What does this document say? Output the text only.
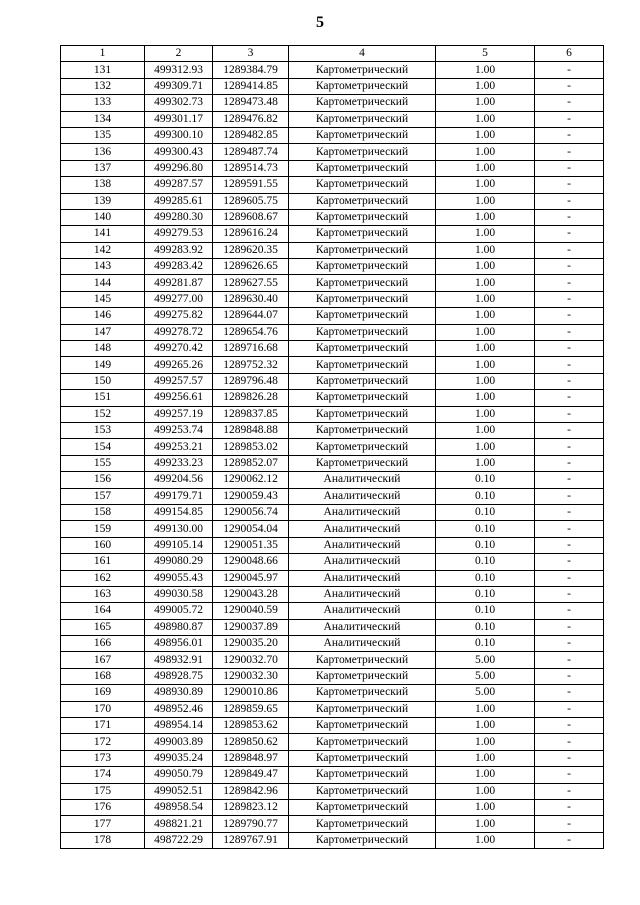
5
1	2	3	4	5	6
131	499312.93	1289384.79	Картометрический	1.00	-
132	499309.71	1289414.85	Картометрический	1.00	-
133	499302.73	1289473.48	Картометрический	1.00	-
134	499301.17	1289476.82	Картометрический	1.00	-
135	499300.10	1289482.85	Картометрический	1.00	-
136	499300.43	1289487.74	Картометрический	1.00	-
137	499296.80	1289514.73	Картометрический	1.00	-
138	499287.57	1289591.55	Картометрический	1.00	-
139	499285.61	1289605.75	Картометрический	1.00	-
140	499280.30	1289608.67	Картометрический	1.00	-
141	499279.53	1289616.24	Картометрический	1.00	-
142	499283.92	1289620.35	Картометрический	1.00	-
143	499283.42	1289626.65	Картометрический	1.00	-
144	499281.87	1289627.55	Картометрический	1.00	-
145	499277.00	1289630.40	Картометрический	1.00	-
146	499275.82	1289644.07	Картометрический	1.00	-
147	499278.72	1289654.76	Картометрический	1.00	-
148	499270.42	1289716.68	Картометрический	1.00	-
149	499265.26	1289752.32	Картометрический	1.00	-
150	499257.57	1289796.48	Картометрический	1.00	-
151	499256.61	1289826.28	Картометрический	1.00	-
152	499257.19	1289837.85	Картометрический	1.00	-
153	499253.74	1289848.88	Картометрический	1.00	-
154	499253.21	1289853.02	Картометрический	1.00	-
155	499233.23	1289852.07	Картометрический	1.00	-
156	499204.56	1290062.12	Аналитический	0.10	-
157	499179.71	1290059.43	Аналитический	0.10	-
158	499154.85	1290056.74	Аналитический	0.10	-
159	499130.00	1290054.04	Аналитический	0.10	-
160	499105.14	1290051.35	Аналитический	0.10	-
161	499080.29	1290048.66	Аналитический	0.10	-
162	499055.43	1290045.97	Аналитический	0.10	-
163	499030.58	1290043.28	Аналитический	0.10	-
164	499005.72	1290040.59	Аналитический	0.10	-
165	498980.87	1290037.89	Аналитический	0.10	-
166	498956.01	1290035.20	Аналитический	0.10	-
167	498932.91	1290032.70	Картометрический	5.00	-
168	498928.75	1290032.30	Картометрический	5.00	-
169	498930.89	1290010.86	Картометрический	5.00	-
170	498952.46	1289859.65	Картометрический	1.00	-
171	498954.14	1289853.62	Картометрический	1.00	-
172	499003.89	1289850.62	Картометрический	1.00	-
173	499035.24	1289848.97	Картометрический	1.00	-
174	499050.79	1289849.47	Картометрический	1.00	-
175	499052.51	1289842.96	Картометрический	1.00	-
176	498958.54	1289823.12	Картометрический	1.00	-
177	498821.21	1289790.77	Картометрический	1.00	-
178	498722.29	1289767.91	Картометрический	1.00	-
